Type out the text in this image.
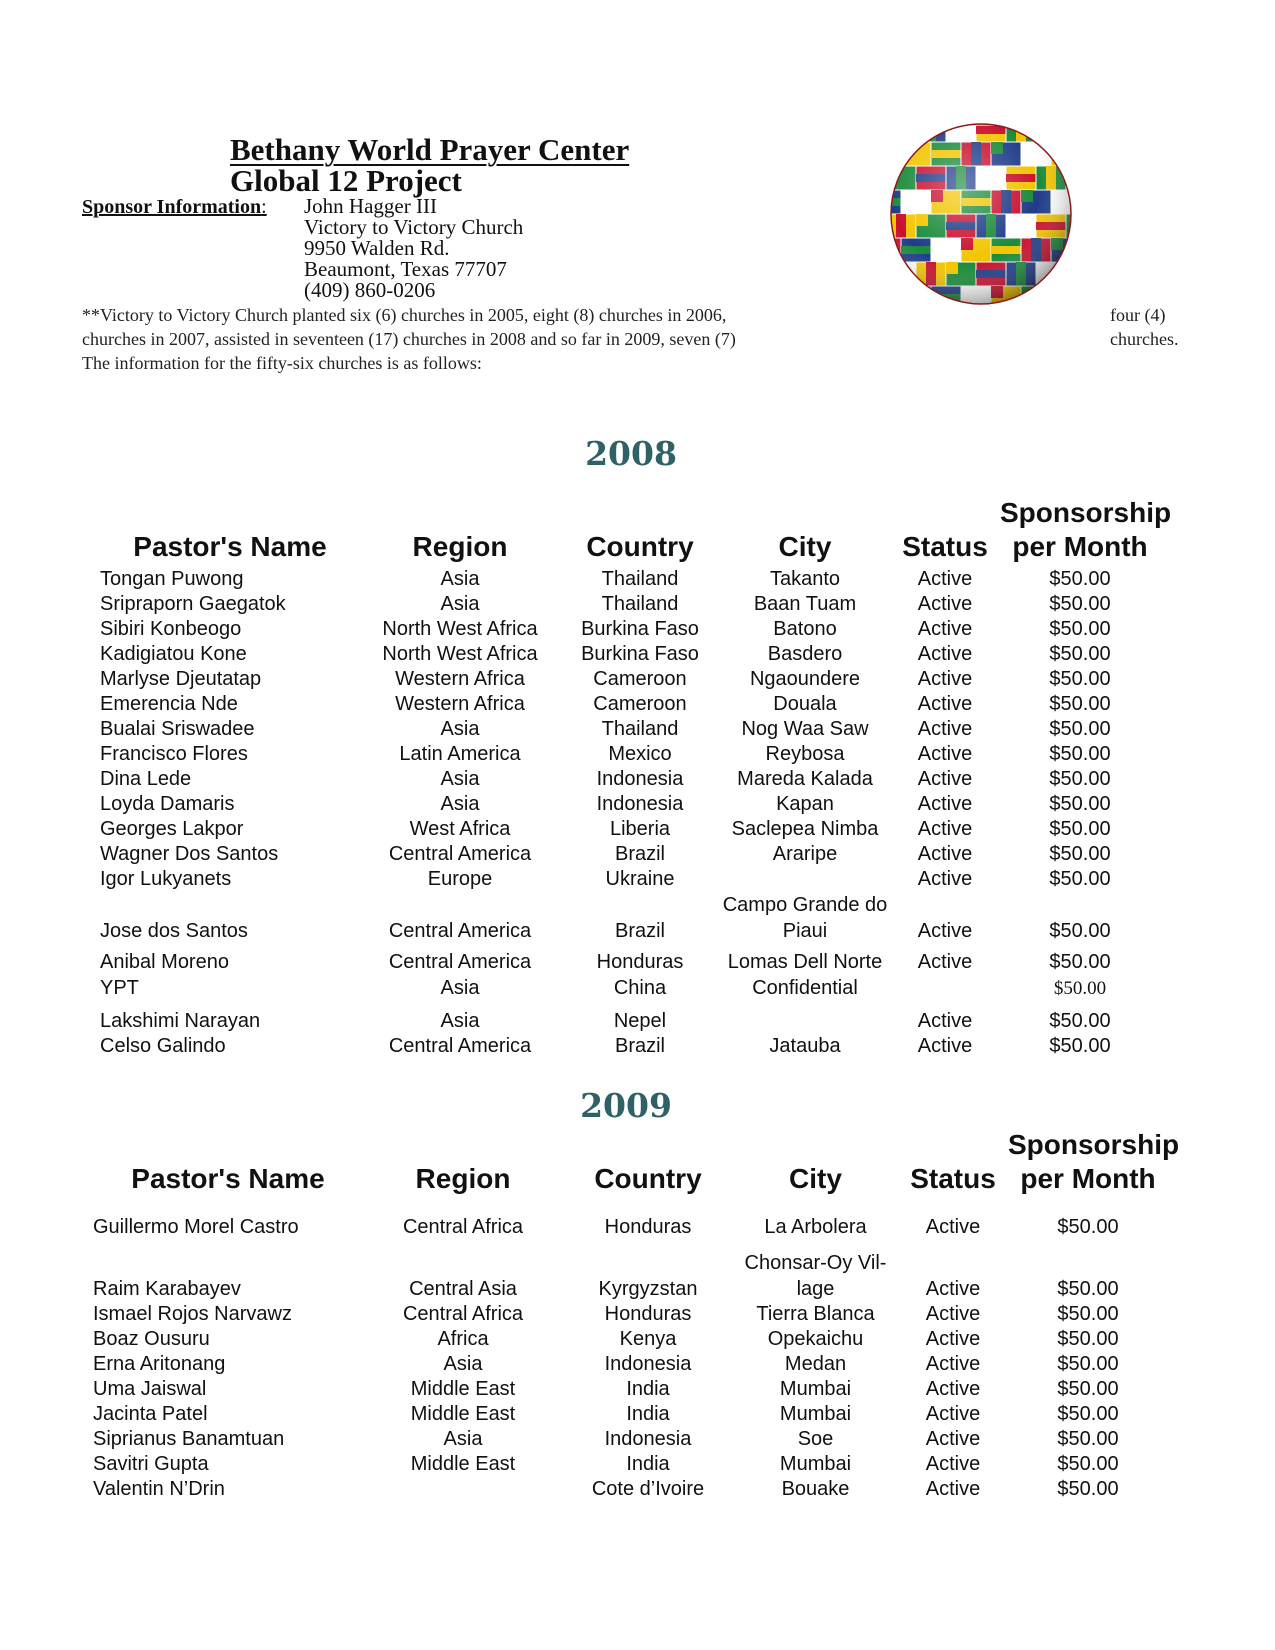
Bethany World Prayer Center
Global 12 Project
Sponsor Information: John Hagger III
Victory to Victory Church
9950 Walden Rd.
Beaumont, Texas 77707
(409) 860-0206
**Victory to Victory Church planted six (6) churches in 2005, eight (8) churches in 2006,	four (4)
churches in 2007, assisted in seventeen (17) churches in 2008 and so far in 2009, seven (7)	churches.
The information for the fifty-six churches is as follows:
2008
Pastor's Name	Region	Country	City	Status	Sponsorship
per Month

Tongan Puwong	Asia	Thailand	Takanto	Active	$50.00
Sripraporn Gaegatok	Asia	Thailand	Baan Tuam	Active	$50.00
Sibiri Konbeogo	North West Africa	Burkina Faso	Batono	Active	$50.00
Kadigiatou Kone	North West Africa	Burkina Faso	Basdero	Active	$50.00
Marlyse Djeutatap	Western Africa	Cameroon	Ngaoundere	Active	$50.00
Emerencia Nde	Western Africa	Cameroon	Douala	Active	$50.00
Bualai Sriswadee	Asia	Thailand	Nog Waa Saw	Active	$50.00
Francisco Flores	Latin America	Mexico	Reybosa	Active	$50.00
Dina Lede	Asia	Indonesia	Mareda Kalada	Active	$50.00
Loyda Damaris	Asia	Indonesia	Kapan	Active	$50.00
Georges Lakpor	West Africa	Liberia	Saclepea Nimba	Active	$50.00
Wagner Dos Santos	Central America	Brazil	Araripe	Active	$50.00
Igor Lukyanets	Europe	Ukraine		Active	$50.00
Jose dos Santos	Central America	Brazil	Campo Grande do Piaui	Active	$50.00
Anibal Moreno	Central America	Honduras	Lomas Dell Norte	Active	$50.00
YPT	Asia	China	Confidential		$50.00
Lakshimi Narayan	Asia	Nepel		Active	$50.00
Celso Galindo	Central America	Brazil	Jatauba	Active	$50.00
2009
Pastor's Name	Region	Country	City	Status	Sponsorship
per Month

Guillermo Morel Castro	Central Africa	Honduras	La Arbolera	Active	$50.00
Raim Karabayev	Central Asia	Kyrgyzstan	Chonsar-Oy Vil-lage	Active	$50.00
Ismael Rojos Narvawz	Central Africa	Honduras	Tierra Blanca	Active	$50.00
Boaz Ousuru	Africa	Kenya	Opekaichu	Active	$50.00
Erna Aritonang	Asia	Indonesia	Medan	Active	$50.00
Uma Jaiswal	Middle East	India	Mumbai	Active	$50.00
Jacinta Patel	Middle East	India	Mumbai	Active	$50.00
Siprianus Banamtuan	Asia	Indonesia	Soe	Active	$50.00
Savitri Gupta	Middle East	India	Mumbai	Active	$50.00
Valentin N’Drin		Cote d’Ivoire	Bouake	Active	$50.00
